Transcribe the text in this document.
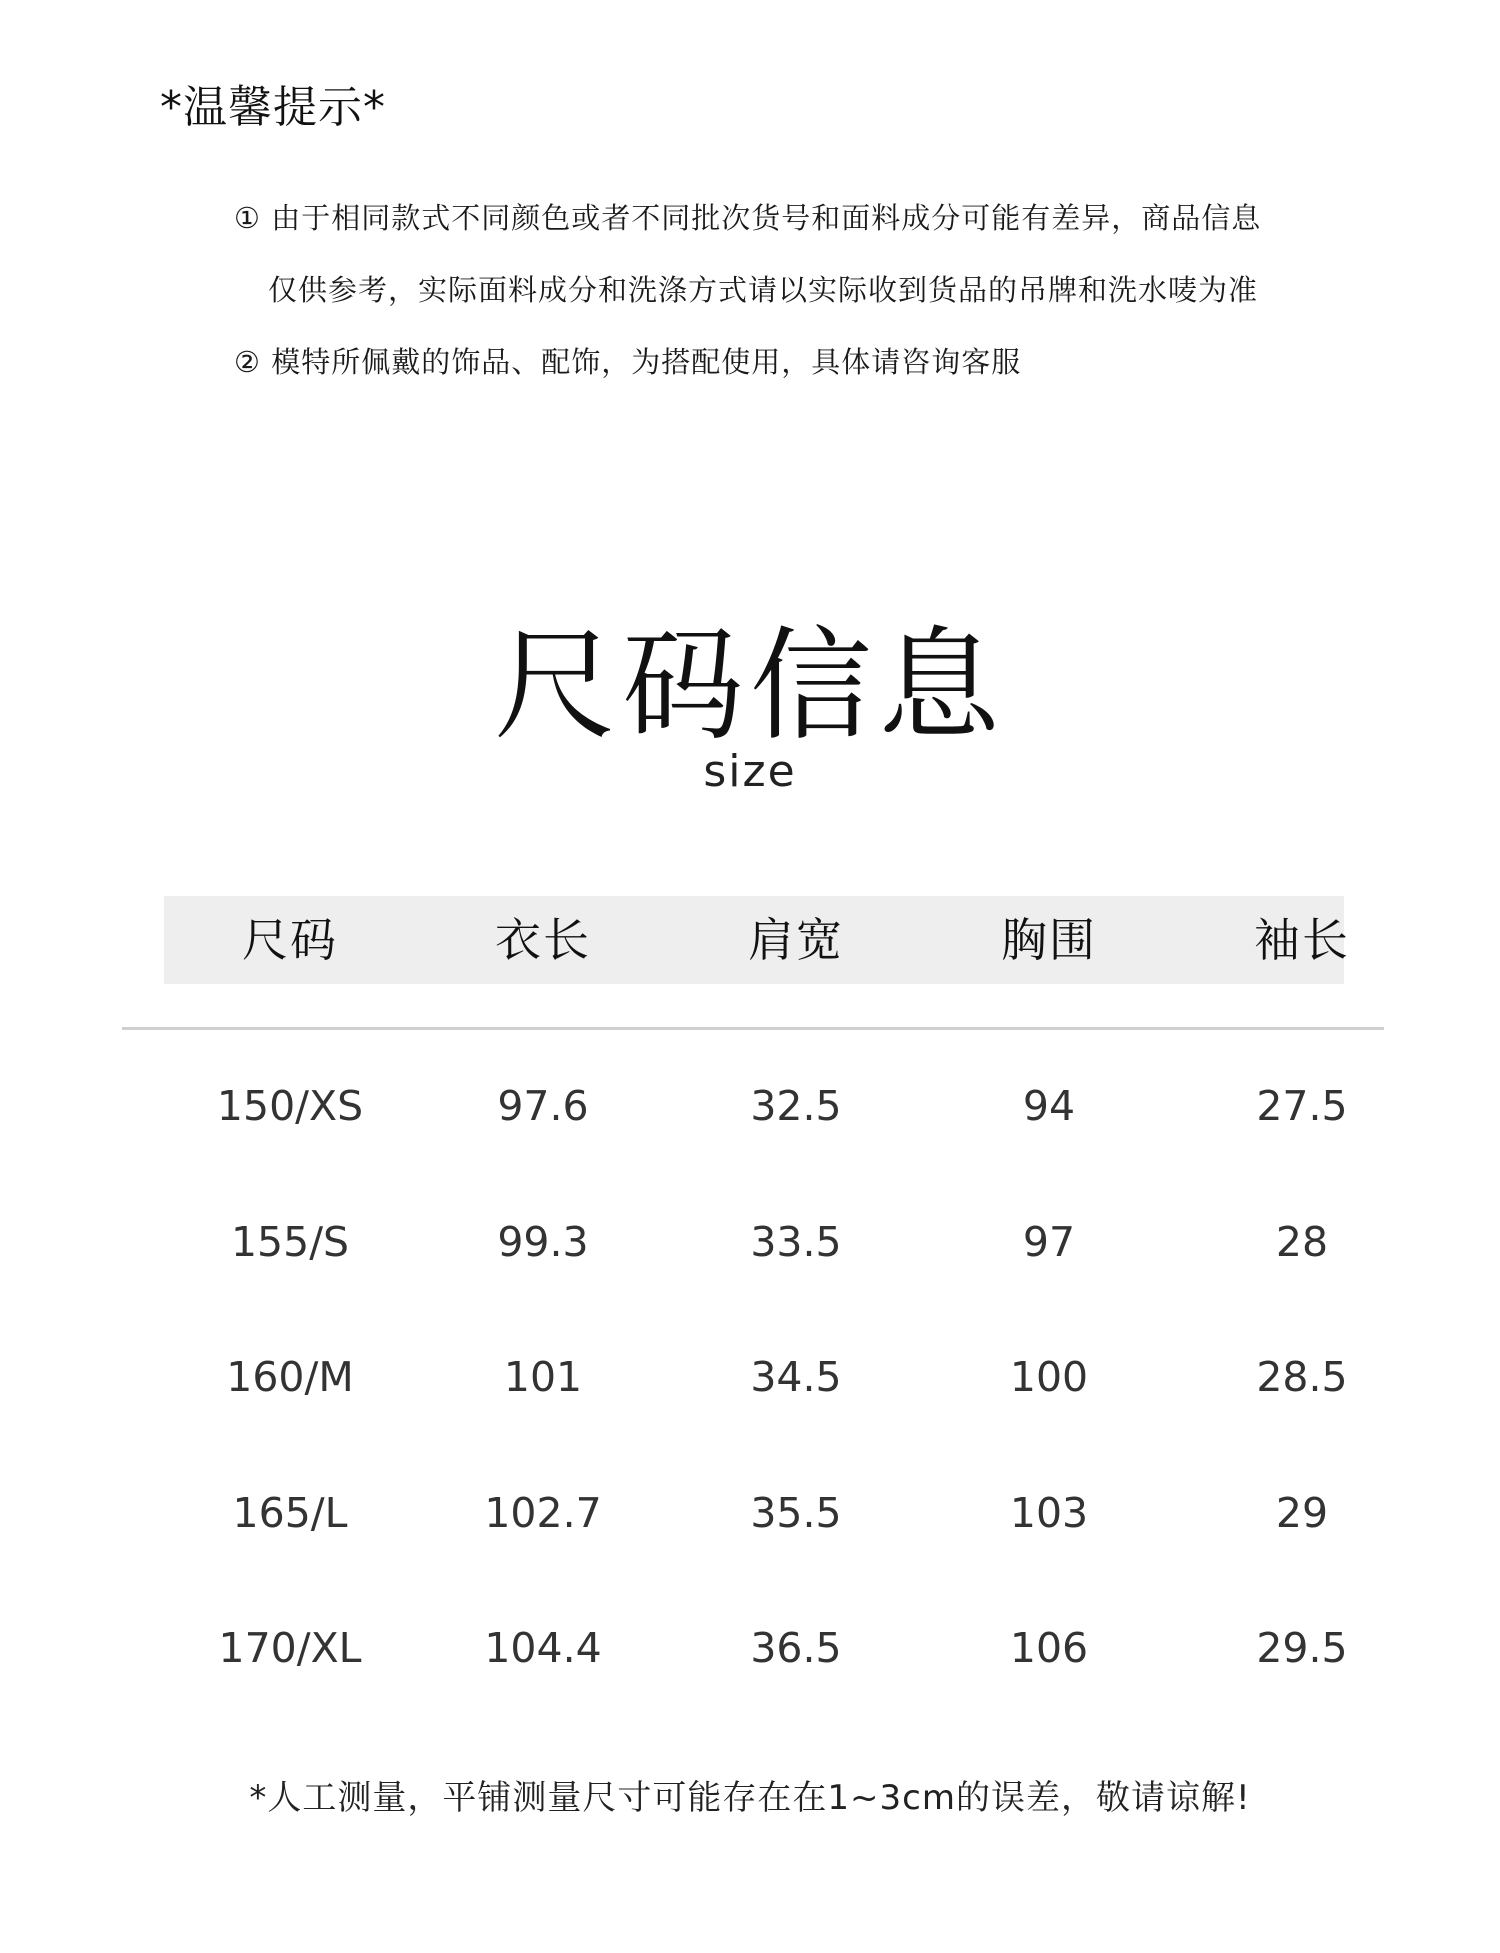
*温馨提示*
① 由于相同款式不同颜色或者不同批次货号和面料成分可能有差异，商品信息
仅供参考，实际面料成分和洗涤方式请以实际收到货品的吊牌和洗水唛为准
② 模特所佩戴的饰品、配饰，为搭配使用，具体请咨询客服
尺码信息
size
尺码	衣长	肩宽	胸围	袖长
150/XS	97.6	32.5	94	27.5
155/S	99.3	33.5	97	28
160/M	101	34.5	100	28.5
165/L	102.7	35.5	103	29
170/XL	104.4	36.5	106	29.5
*人工测量，平铺测量尺寸可能存在在1~3cm的误差，敬请谅解!
